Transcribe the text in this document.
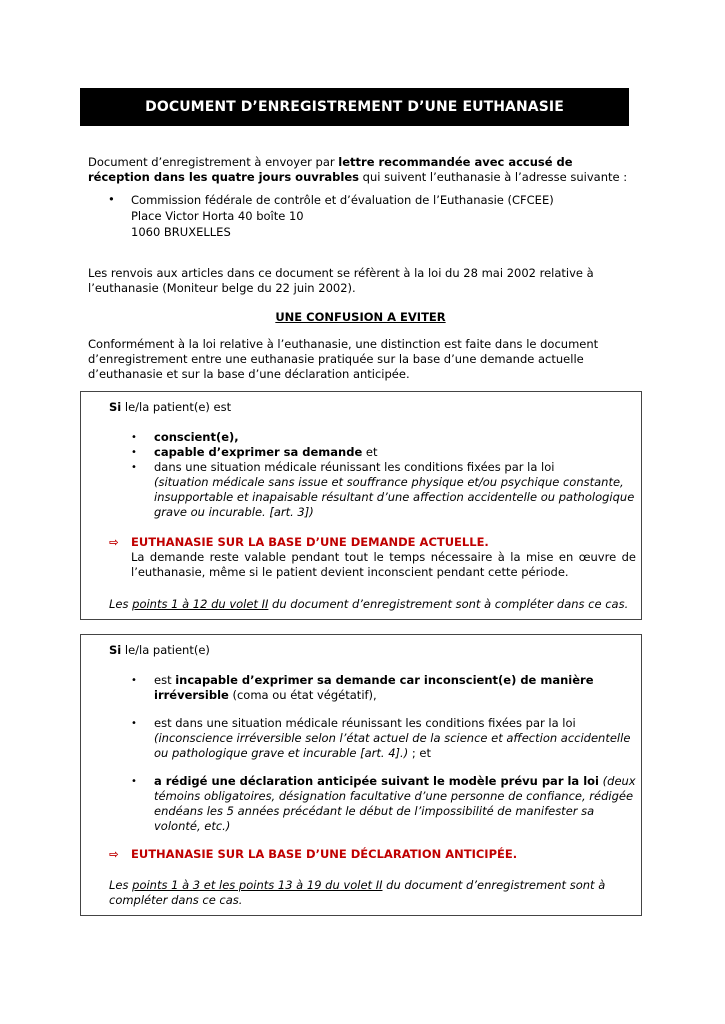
DOCUMENT D’ENREGISTREMENT D’UNE EUTHANASIE
Document d’enregistrement à envoyer par lettre recommandée avec accusé de réception dans les quatre jours ouvrables qui suivent l’euthanasie à l’adresse suivante :
•	Commission fédérale de contrôle et d’évaluation de l’Euthanasie (CFCEE)
Place Victor Horta 40 boîte 10
1060 BRUXELLES
Les renvois aux articles dans ce document se réfèrent à la loi du 28 mai 2002 relative à l’euthanasie (Moniteur belge du 22 juin 2002).
UNE CONFUSION A EVITER
Conformément à la loi relative à l’euthanasie, une distinction est faite dans le document d’enregistrement entre une euthanasie pratiquée sur la base d’une demande actuelle d’euthanasie et sur la base d’une déclaration anticipée.
Si le/la patient(e) est
•	conscient(e),
•	capable d’exprimer sa demande et
•	dans une situation médicale réunissant les conditions fixées par la loi
(situation médicale sans issue et souffrance physique et/ou psychique constante, insupportable et inapaisable résultant d’une affection accidentelle ou pathologique grave ou incurable. [art. 3])
⇨	EUTHANASIE SUR LA BASE D’UNE DEMANDE ACTUELLE.
La demande reste valable pendant tout le temps nécessaire à la mise en œuvre de l’euthanasie, même si le patient devient inconscient pendant cette période.
Les points 1 à 12 du volet II du document d’enregistrement sont à compléter dans ce cas.
Si le/la patient(e)
•	est incapable d’exprimer sa demande car inconscient(e) de manière irréversible (coma ou état végétatif),
•	est dans une situation médicale réunissant les conditions fixées par la loi
(inconscience irréversible selon l’état actuel de la science et affection accidentelle ou pathologique grave et incurable [art. 4].) ; et
•	a rédigé une déclaration anticipée suivant le modèle prévu par la loi (deux témoins obligatoires, désignation facultative d’une personne de confiance, rédigée endéans les 5 années précédant le début de l’impossibilité de manifester sa volonté, etc.)
⇨	EUTHANASIE SUR LA BASE D’UNE DÉCLARATION ANTICIPÉE.
Les points 1 à 3 et les points 13 à 19 du volet II du document d’enregistrement sont à compléter dans ce cas.
